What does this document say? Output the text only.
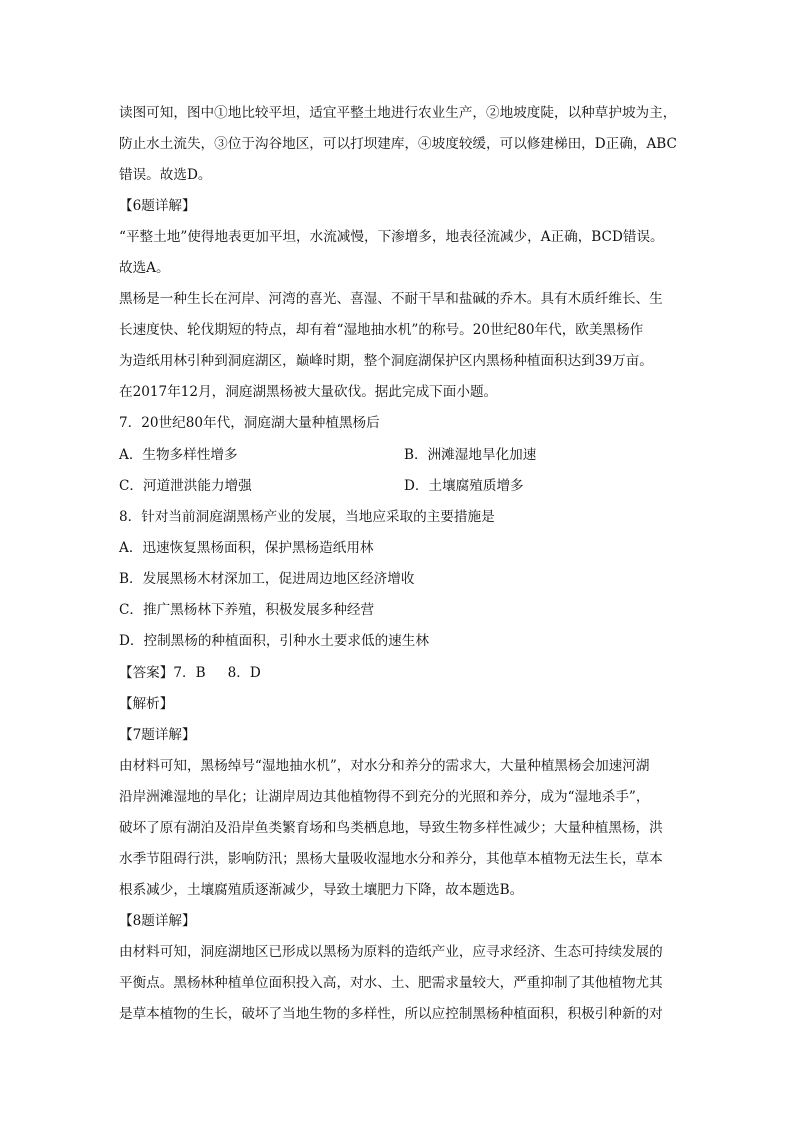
读图可知，图中①地比较平坦，适宜平整土地进行农业生产，②地坡度陡，以种草护坡为主，
防止水土流失，③位于沟谷地区，可以打坝建库，④坡度较缓，可以修建梯田，D正确，ABC
错误。故选D。
【6题详解】
“平整土地”使得地表更加平坦，水流减慢，下渗增多，地表径流减少，A正确，BCD错误。
故选A。
黑杨是一种生长在河岸、河湾的喜光、喜湿、不耐干旱和盐碱的乔木。具有木质纤维长、生
长速度快、轮伐期短的特点，却有着“湿地抽水机”的称号。20世纪80年代，欧美黑杨作
为造纸用林引种到洞庭湖区，巅峰时期，整个洞庭湖保护区内黑杨种植面积达到39万亩。
在2017年12月，洞庭湖黑杨被大量砍伐。据此完成下面小题。
7．20世纪80年代，洞庭湖大量种植黑杨后
A．生物多样性增多	B．洲滩湿地旱化加速
C．河道泄洪能力增强	D．土壤腐殖质增多
8．针对当前洞庭湖黑杨产业的发展，当地应采取的主要措施是
A．迅速恢复黑杨面积，保护黑杨造纸用林
B．发展黑杨木材深加工，促进周边地区经济增收
C．推广黑杨林下养殖，积极发展多种经营
D．控制黑杨的种植面积，引种水土要求低的速生林
【答案】7．B 8．D
【解析】
【7题详解】
由材料可知，黑杨绰号“湿地抽水机”，对水分和养分的需求大，大量种植黑杨会加速河湖
沿岸洲滩湿地的旱化；让湖岸周边其他植物得不到充分的光照和养分，成为“湿地杀手”，
破坏了原有湖泊及沿岸鱼类繁育场和鸟类栖息地，导致生物多样性减少；大量种植黑杨，洪
水季节阻碍行洪，影响防汛；黑杨大量吸收湿地水分和养分，其他草本植物无法生长，草本
根系减少，土壤腐殖质逐渐减少，导致土壤肥力下降，故本题选B。
【8题详解】
由材料可知，洞庭湖地区已形成以黑杨为原料的造纸产业，应寻求经济、生态可持续发展的
平衡点。黑杨林种植单位面积投入高，对水、土、肥需求量较大，严重抑制了其他植物尤其
是草本植物的生长，破坏了当地生物的多样性，所以应控制黑杨种植面积，积极引种新的对
